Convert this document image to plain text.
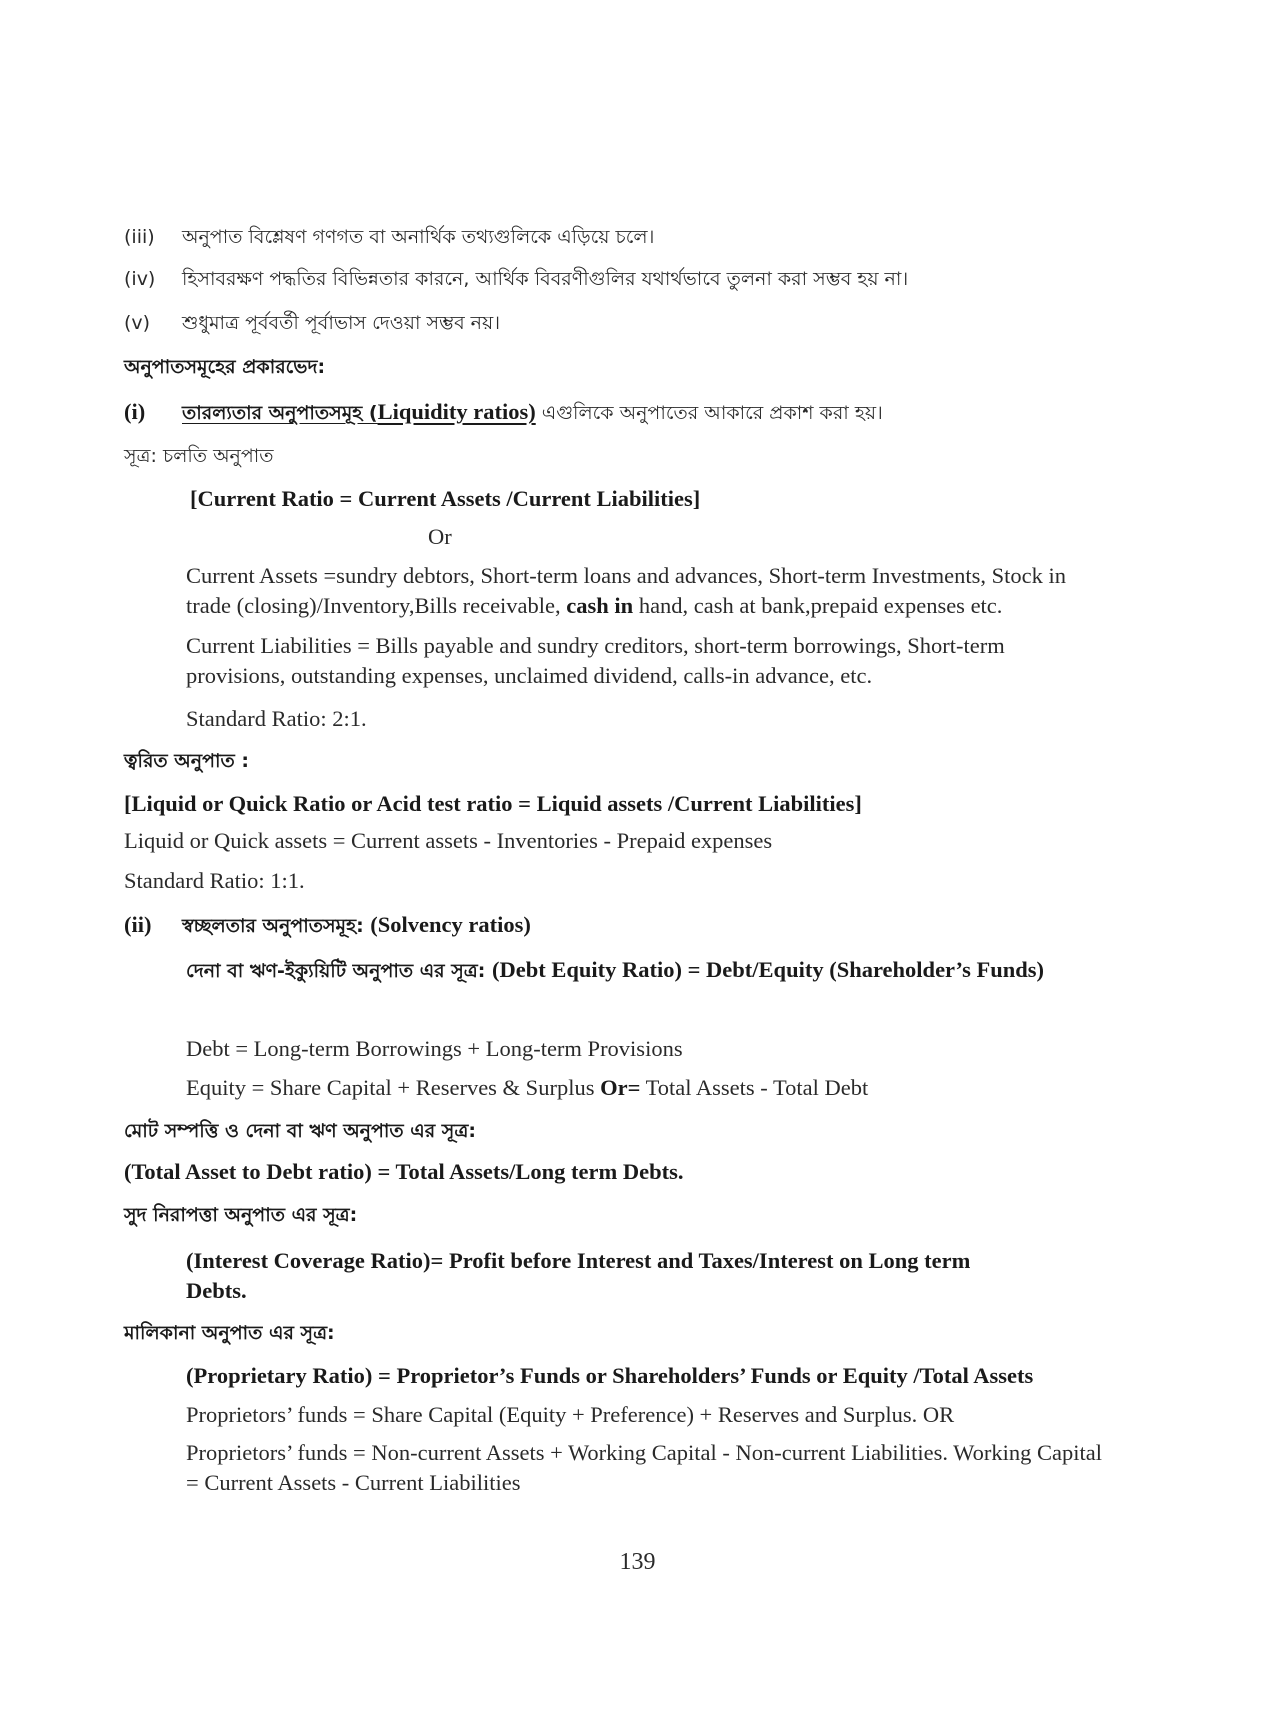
(iii) অনুপাত বিশ্লেষণ গণগত বা অনার্থিক তথ্যগুলিকে এড়িয়ে চলে।
(iv) হিসাবরক্ষণ পদ্ধতির বিভিন্নতার কারনে, আর্থিক বিবরণীগুলির যথার্থভাবে তুলনা করা সম্ভব হয় না।
(v) শুধুমাত্র পূর্ববর্তী পূর্বাভাস দেওয়া সম্ভব নয়।
অনুপাতসমূহের প্রকারভেদ:
(i) তারল্যতার অনুপাতসমূহ (Liquidity ratios) এগুলিকে অনুপাতের আকারে প্রকাশ করা হয়।
সূত্র: চলতি অনুপাত
[Current Ratio = Current Assets /Current Liabilities]
Or
Current Assets =sundry debtors, Short-term loans and advances, Short-term Investments, Stock in
trade (closing)/Inventory,Bills receivable, cash in hand, cash at bank,prepaid expenses etc.
Current Liabilities = Bills payable and sundry creditors, short-term borrowings, Short-term
provisions, outstanding expenses, unclaimed dividend, calls-in advance, etc.
Standard Ratio: 2:1.
ত্বরিত অনুপাত :
[Liquid or Quick Ratio or Acid test ratio = Liquid assets /Current Liabilities]
Liquid or Quick assets = Current assets - Inventories - Prepaid expenses
Standard Ratio: 1:1.
(ii) স্বচ্ছলতার অনুপাতসমূহ: (Solvency ratios)
দেনা বা ঋণ-ইক্যুয়িটি অনুপাত এর সূত্র: (Debt Equity Ratio) = Debt/Equity (Shareholder’s Funds)
Debt = Long-term Borrowings + Long-term Provisions
Equity = Share Capital + Reserves & Surplus Or= Total Assets - Total Debt
মোট সম্পত্তি ও দেনা বা ঋণ অনুপাত এর সূত্র:
(Total Asset to Debt ratio) = Total Assets/Long term Debts.
সুদ নিরাপত্তা অনুপাত এর সূত্র:
(Interest Coverage Ratio)= Profit before Interest and Taxes/Interest on Long term
Debts.
মালিকানা অনুপাত এর সূত্র:
(Proprietary Ratio) = Proprietor’s Funds or Shareholders’ Funds or Equity /Total Assets
Proprietors’ funds = Share Capital (Equity + Preference) + Reserves and Surplus. OR
Proprietors’ funds = Non-current Assets + Working Capital - Non-current Liabilities. Working Capital
= Current Assets - Current Liabilities
139
